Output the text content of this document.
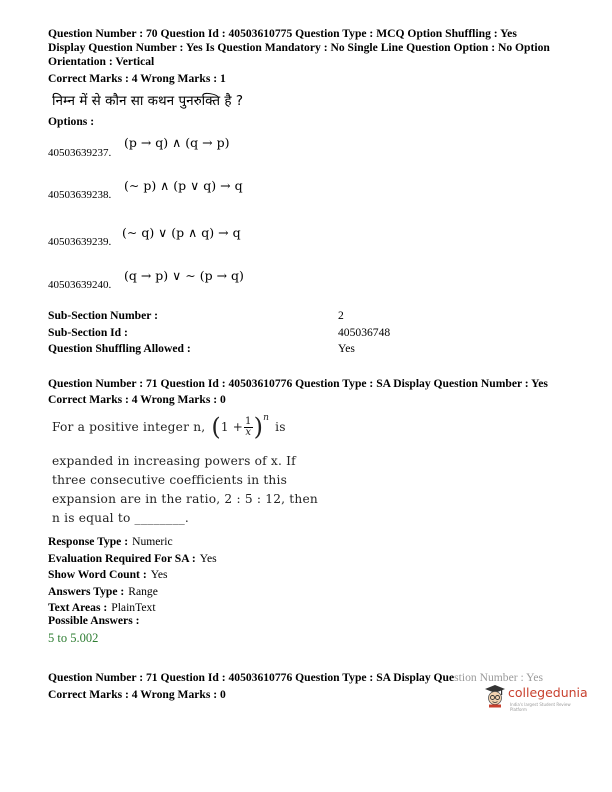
Question Number : 70 Question Id : 40503610775 Question Type : MCQ Option Shuffling : Yes
Display Question Number : Yes Is Question Mandatory : No Single Line Question Option : No Option
Orientation : Vertical
Correct Marks : 4 Wrong Marks : 1
निम्न में से कौन सा कथन पुनरुक्ति है ?
Options :
40503639237.
(p → q) ∧ (q → p)
40503639238.
(∼ p) ∧ (p ∨ q) → q
40503639239.
(∼ q) ∨ (p ∧ q) → q
40503639240.
(q → p) ∨ ∼ (p → q)
Sub-Section Number :	2
Sub-Section Id :	405036748
Question Shuffling Allowed :	Yes
Question Number : 71 Question Id : 40503610776 Question Type : SA Display Question Number : Yes
Correct Marks : 4 Wrong Marks : 0
For a positive integer n, ( $1 + \frac{1}{x}$ ) n
is
expanded in increasing powers of x. If
three consecutive coefficients in this
expansion are in the ratio, 2 : 5 : 12, then
n is equal to ________.
Response Type : Numeric
Evaluation Required For SA : Yes
Show Word Count : Yes
Answers Type : Range
Text Areas : PlainText
Possible Answers :
5 to 5.002
Question Number : 71 Question Id : 40503610776 Question Type : SA Display Question Number : Yes
Correct Marks : 4 Wrong Marks : 0	collegedunia
India's largest Student Review Platform
